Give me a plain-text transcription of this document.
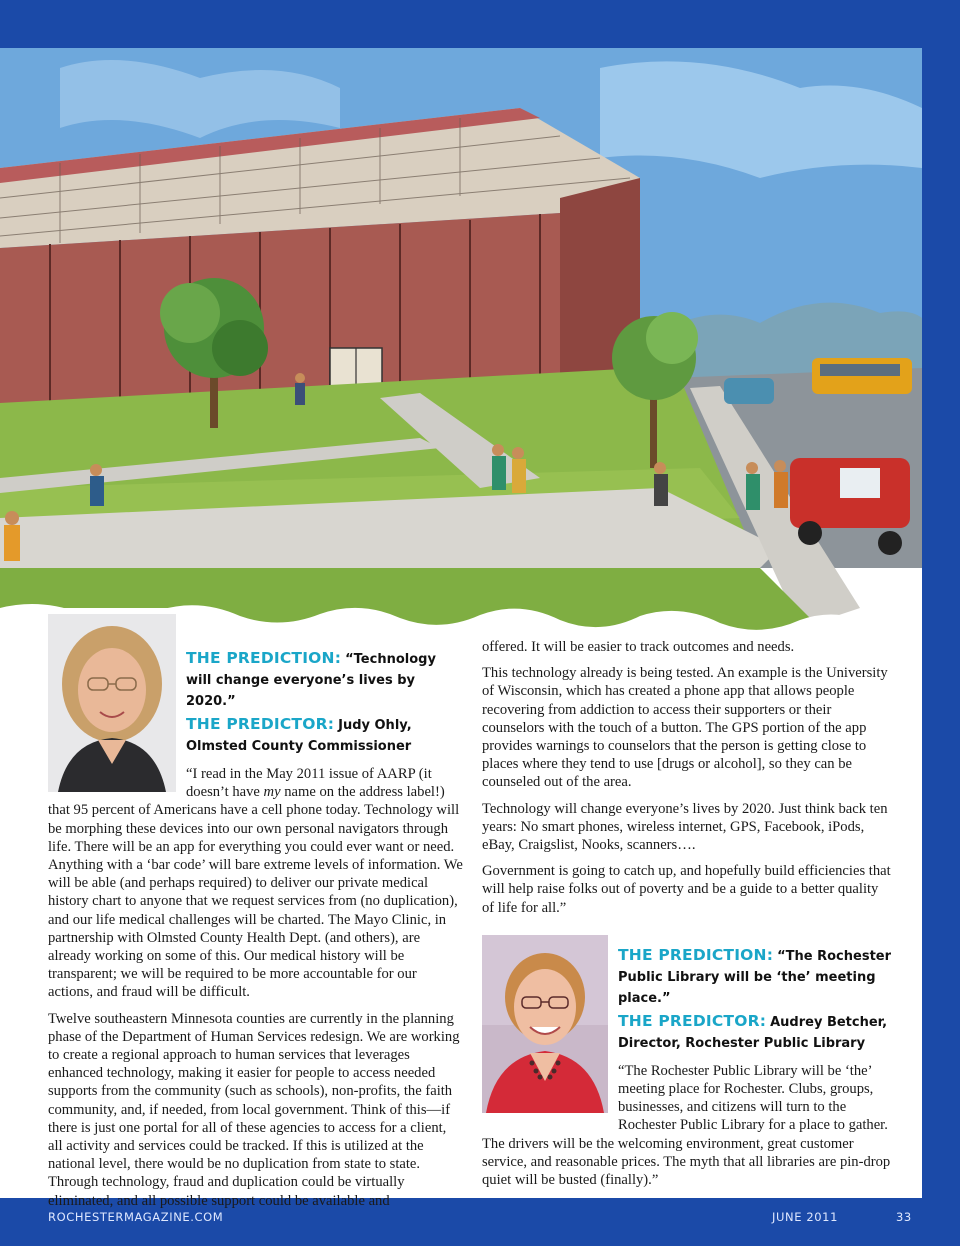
THE PREDICTION: “Technology will change everyone’s lives by 2020.”
THE PREDICTOR: Judy Ohly,
Olmsted County Commissioner

“I read in the May 2011 issue of AARP (it doesn’t have my name on the address label!) that 95 percent of Americans have a cell phone today. Technology will be morphing these devices into our own personal navigators through life. There will be an app for everything you could ever want or need. Anything with a ‘bar code’ will bare extreme levels of information. We will be able (and perhaps required) to deliver our private medical history chart to anyone that we request services from (no duplication), and our life medical challenges will be charted. The Mayo Clinic, in partnership with Olmsted County Health Dept. (and others), are already working on some of this. Our medical history will be transparent; we will be required to be more accountable for our actions, and fraud will be difficult.

Twelve southeastern Minnesota counties are currently in the planning phase of the Department of Human Services redesign. We are working to create a regional approach to human services that leverages enhanced technology, making it easier for people to access needed supports from the community (such as schools), non-profits, the faith community, and, if needed, from local government. Think of this—if there is just one portal for all of these agencies to access for a client, all activity and services could be tracked. If this is utilized at the national level, there would be no duplication from state to state. Through technology, fraud and duplication could be virtually eliminated, and all possible support could be available and

offered. It will be easier to track outcomes and needs.

This technology already is being tested. An example is the University of Wisconsin, which has created a phone app that allows people recovering from addiction to access their supporters or their counselors with the touch of a button. The GPS portion of the app provides warnings to counselors that the person is getting close to places where they tend to use [drugs or alcohol], so they can be counseled out of the area.

Technology will change everyone’s lives by 2020. Just think back ten years: No smart phones, wireless internet, GPS, Facebook, iPods, eBay, Craigslist, Nooks, scanners….

Government is going to catch up, and hopefully build efficiencies that will help raise folks out of poverty and be a guide to a better quality of life for all.”

THE PREDICTION: “The Rochester Public Library will be ‘the’ meeting place.”
THE PREDICTOR: Audrey Betcher,
Director, Rochester Public Library

“The Rochester Public Library will be ‘the’ meeting place for Rochester. Clubs, groups, businesses, and citizens will turn to the Rochester Public Library for a place to gather. The drivers will be the welcoming environment, great customer service, and reasonable prices. The myth that all libraries are pin-drop quiet will be busted (finally).”

ROCHESTERMAGAZINE.COM	JUNE 2011	33
